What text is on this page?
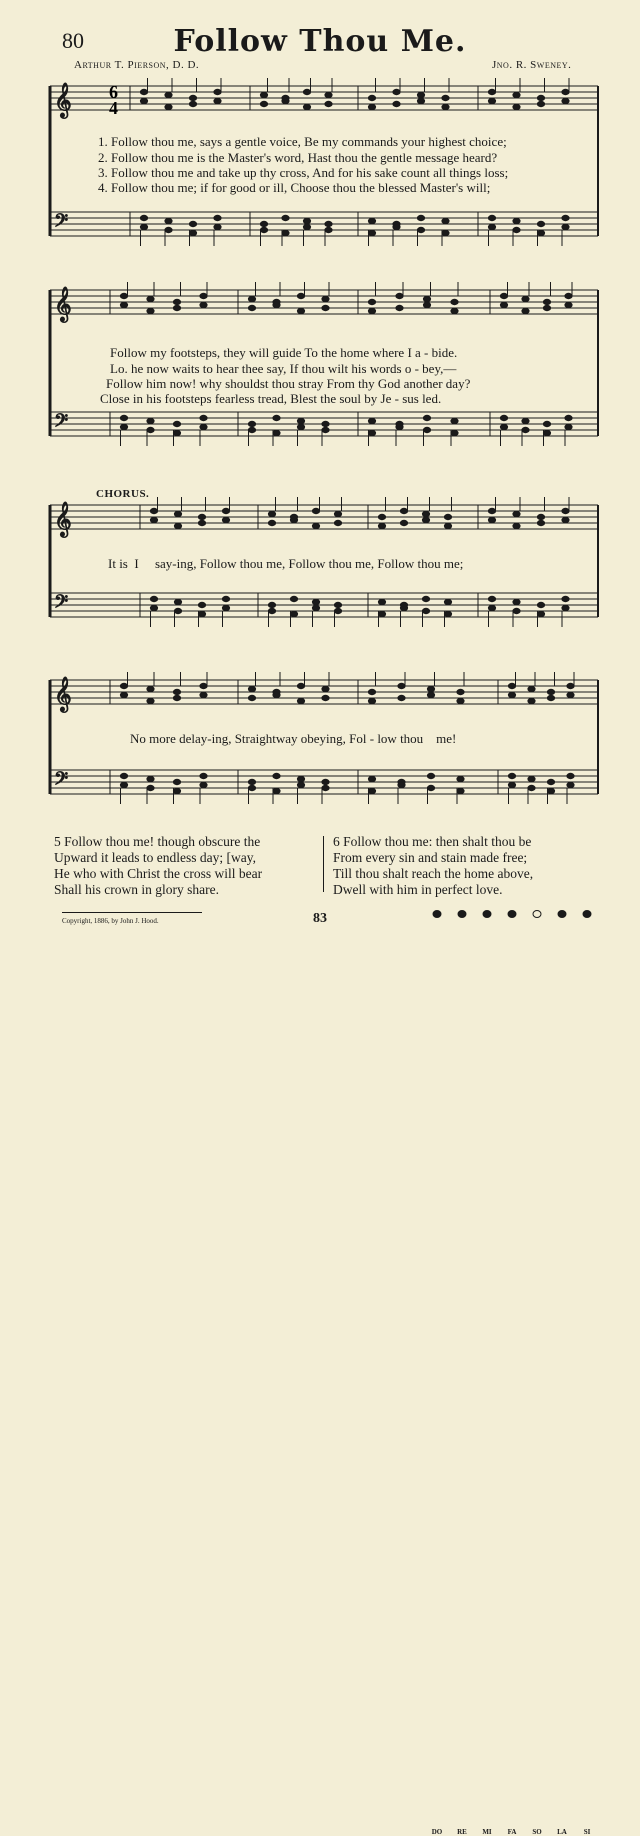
80	Follow Thou Me.
Arthur T. Pierson, D. D.	Jno. R. Sweney.
𝄞
𝄢
𝄞
𝄢
𝄞
𝄢
𝄞
𝄢
6
4
1. Follow thou me, says a gentle voice, Be my commands your highest choice;
2. Follow thou me is the Master's word, Hast thou the gentle message heard?
3. Follow thou me and take up thy cross, And for his sake count all things loss;
4. Follow thou me; if for good or ill, Choose thou the blessed Master's will;
Follow my footsteps, they will guide To the home where I a - bide.
Lo. he now waits to hear thee say, If thou wilt his words o - bey,—
Follow him now! why shouldst thou stray From thy God another day?
Close in his footsteps fearless tread, Blest the soul by Je - sus led.
CHORUS.
It is  I     say-ing, Follow thou me, Follow thou me, Follow thou me;
No more delay-ing, Straightway obeying, Fol - low thou    me!
5 Follow thou me! though obscure the
Upward it leads to endless day; [way,
He who with Christ the cross will bear
Shall his crown in glory share.
6 Follow thou me: then shalt thou be
From every sin and stain made free;
Till thou shalt reach the home above,
Dwell with him in perfect love.
Copyright, 1886, by John J. Hood.	83
DO	RE	MI	FA	SO	LA	SI
